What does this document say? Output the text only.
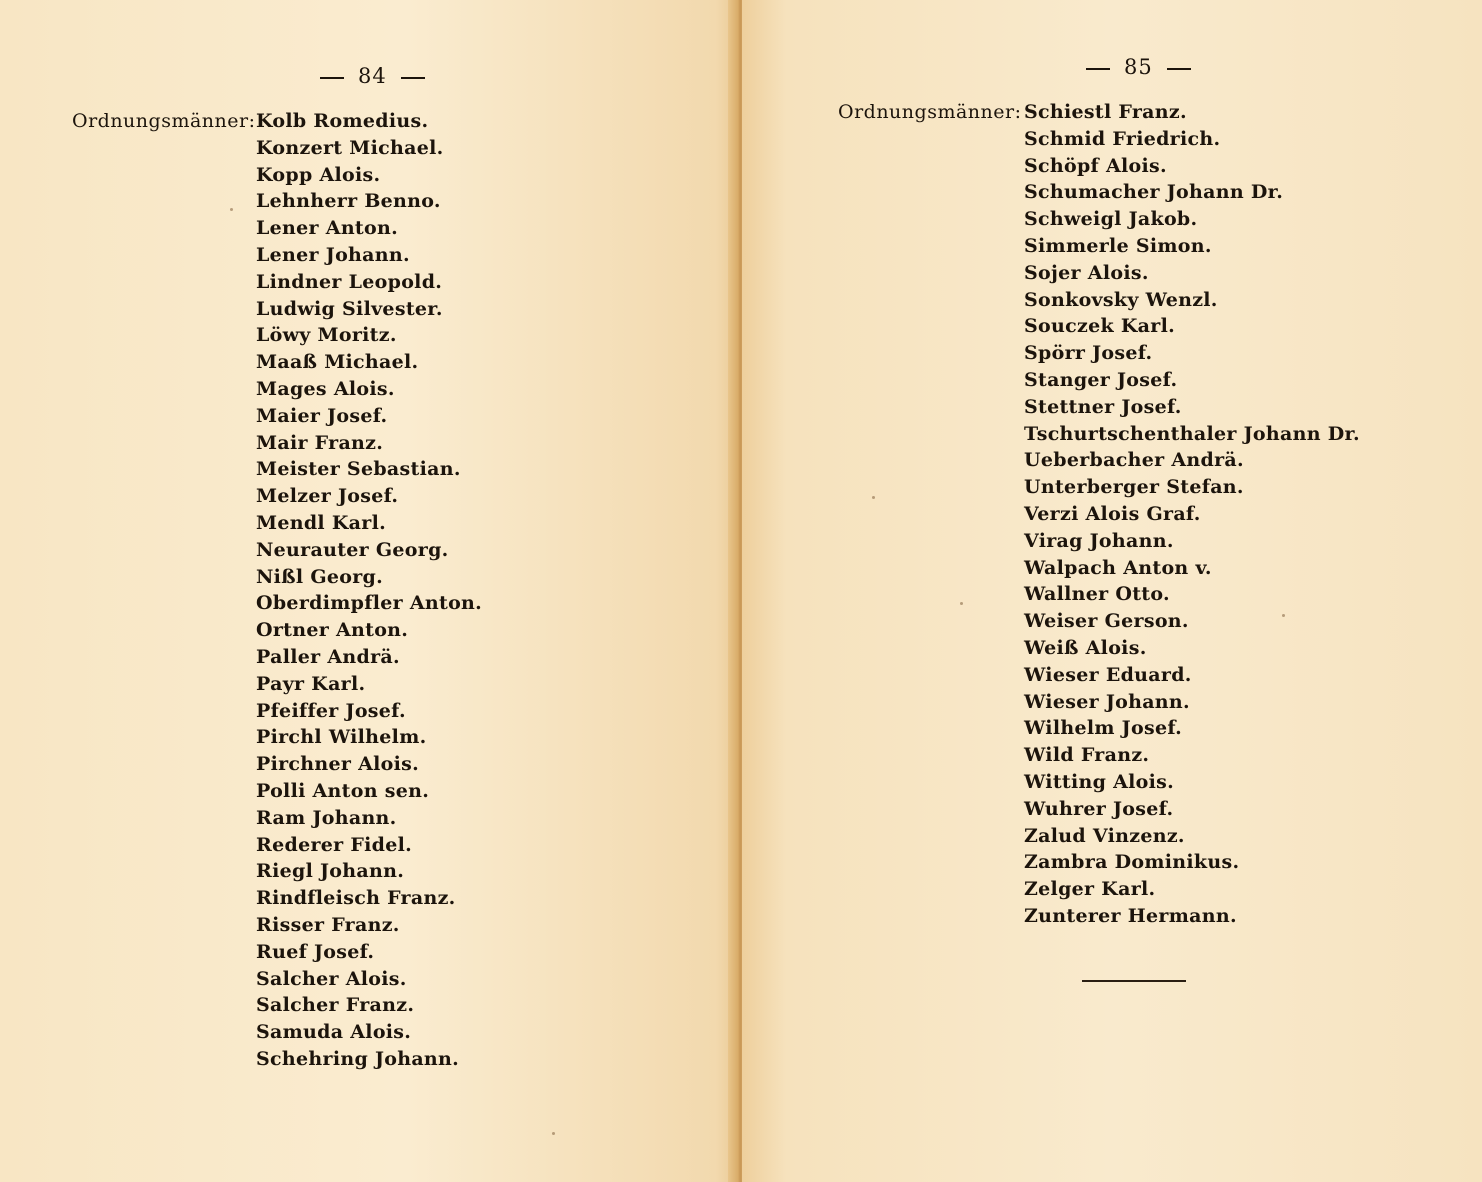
84
Ordnungsmänner: Kolb Romedius.
Konzert Michael.
Kopp Alois.
Lehnherr Benno.
Lener Anton.
Lener Johann.
Lindner Leopold.
Ludwig Silvester.
Löwy Moritz.
Maaß Michael.
Mages Alois.
Maier Josef.
Mair Franz.
Meister Sebastian.
Melzer Josef.
Mendl Karl.
Neurauter Georg.
Nißl Georg.
Oberdimpfler Anton.
Ortner Anton.
Paller Andrä.
Payr Karl.
Pfeiffer Josef.
Pirchl Wilhelm.
Pirchner Alois.
Polli Anton sen.
Ram Johann.
Rederer Fidel.
Riegl Johann.
Rindfleisch Franz.
Risser Franz.
Ruef Josef.
Salcher Alois.
Salcher Franz.
Samuda Alois.
Schehring Johann.
85
Ordnungsmänner: Schiestl Franz.
Schmid Friedrich.
Schöpf Alois.
Schumacher Johann Dr.
Schweigl Jakob.
Simmerle Simon.
Sojer Alois.
Sonkovsky Wenzl.
Souczek Karl.
Spörr Josef.
Stanger Josef.
Stettner Josef.
Tschurtschenthaler Johann Dr.
Ueberbacher Andrä.
Unterberger Stefan.
Verzi Alois Graf.
Virag Johann.
Walpach Anton v.
Wallner Otto.
Weiser Gerson.
Weiß Alois.
Wieser Eduard.
Wieser Johann.
Wilhelm Josef.
Wild Franz.
Witting Alois.
Wuhrer Josef.
Zalud Vinzenz.
Zambra Dominikus.
Zelger Karl.
Zunterer Hermann.
